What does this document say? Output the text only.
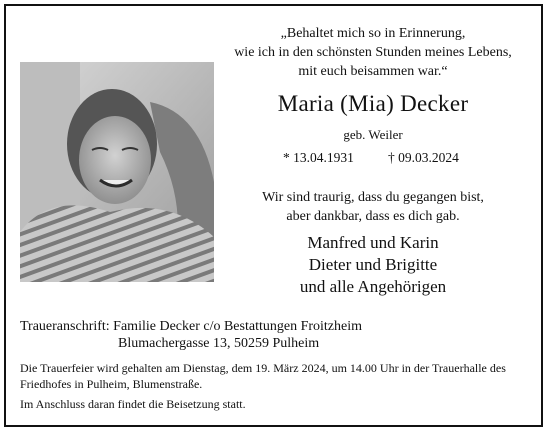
„Behaltet mich so in Erinnerung,
wie ich in den schönsten Stunden meines Lebens,
mit euch beisammen war.“
Maria (Mia) Decker
geb. Weiler
* 13.04.1931	† 09.03.2024
Wir sind traurig, dass du gegangen bist,
aber dankbar, dass es dich gab.
Manfred und Karin
Dieter und Brigitte
und alle Angehörigen
Traueranschrift: Familie Decker c/o Bestattungen Froitzheim
Blumachergasse 13, 50259 Pulheim
Die Trauerfeier wird gehalten am Dienstag, dem 19. März 2024, um 14.00 Uhr in der Trauerhalle des Friedhofes in Pulheim, Blumenstraße.
Im Anschluss daran findet die Beisetzung statt.
